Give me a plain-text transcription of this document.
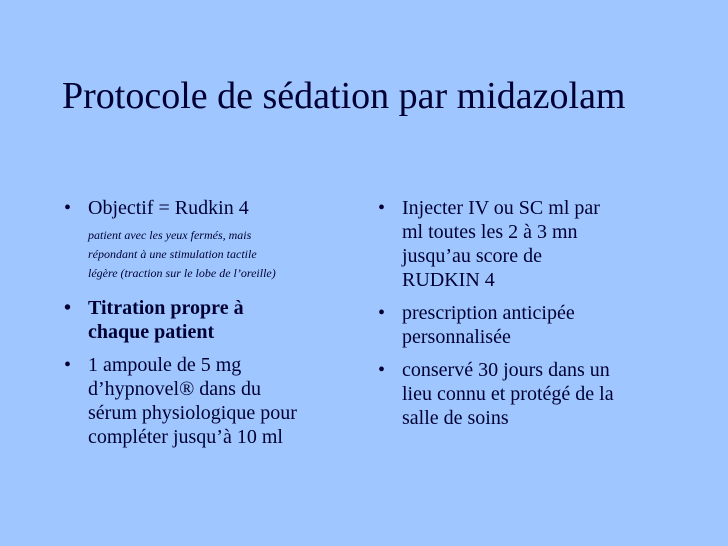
Protocole de sédation par midazolam
• Objectif = Rudkin 4
patient avec les yeux fermés, mais
répondant à une stimulation tactile
légère (traction sur le lobe de l’oreille)
• Titration propre à
chaque patient
• 1 ampoule de 5 mg
d’hypnovel® dans du
sérum physiologique pour
compléter jusqu’à 10 ml
• Injecter IV ou SC ml par
ml toutes les 2 à 3 mn
jusqu’au score de
RUDKIN 4
• prescription anticipée
personnalisée
• conservé 30 jours dans un
lieu connu et protégé de la
salle de soins
